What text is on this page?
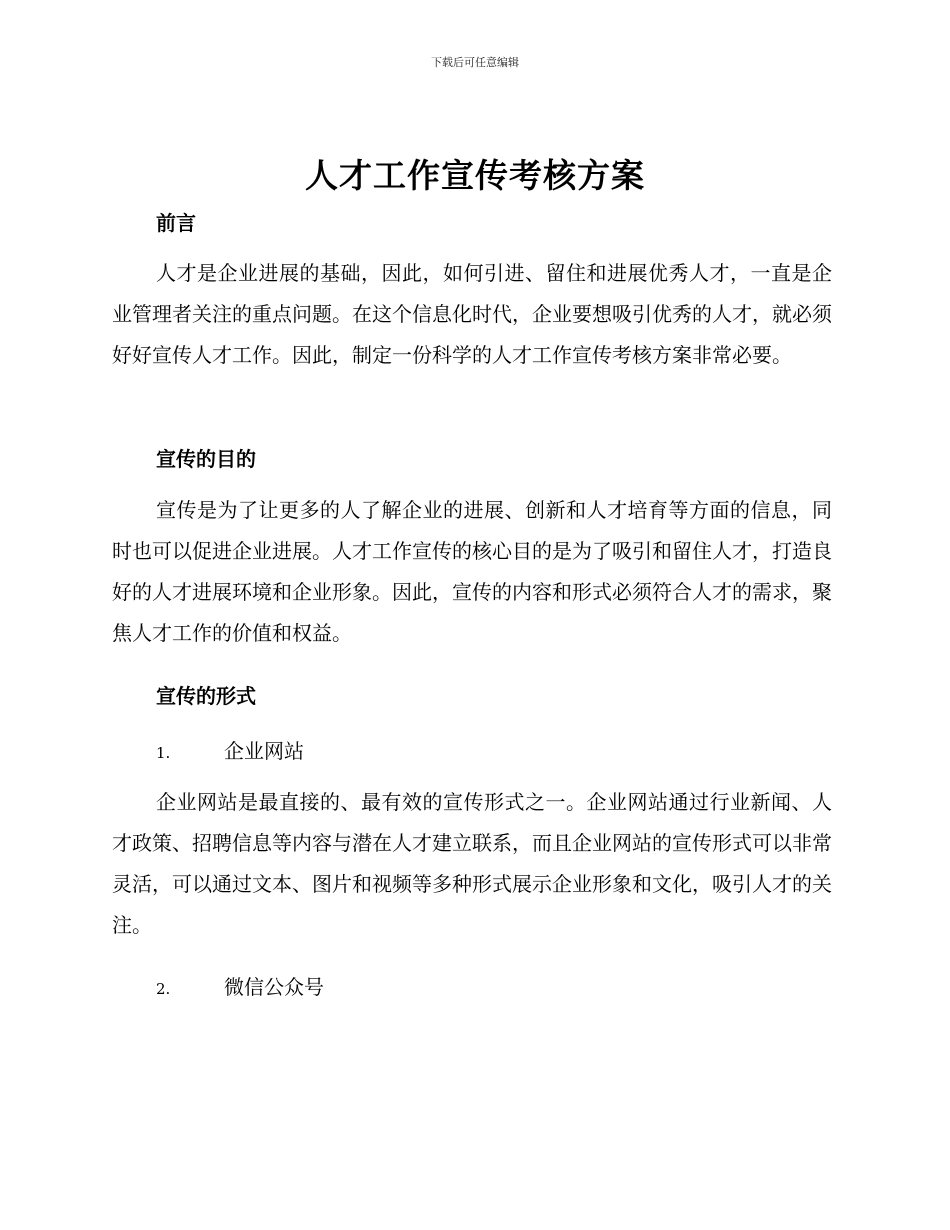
下载后可任意编辑
人才工作宣传考核方案
前言

人才是企业进展的基础，因此，如何引进、留住和进展优秀人才，一直是企业管理者关注的重点问题。在这个信息化时代，企业要想吸引优秀的人才，就必须好好宣传人才工作。因此，制定一份科学的人才工作宣传考核方案非常必要。

宣传的目的

宣传是为了让更多的人了解企业的进展、创新和人才培育等方面的信息，同时也可以促进企业进展。人才工作宣传的核心目的是为了吸引和留住人才，打造良好的人才进展环境和企业形象。因此，宣传的内容和形式必须符合人才的需求，聚焦人才工作的价值和权益。

宣传的形式
1.	企业网站

企业网站是最直接的、最有效的宣传形式之一。企业网站通过行业新闻、人才政策、招聘信息等内容与潜在人才建立联系，而且企业网站的宣传形式可以非常灵活，可以通过文本、图片和视频等多种形式展示企业形象和文化，吸引人才的关注。

2.	微信公众号
